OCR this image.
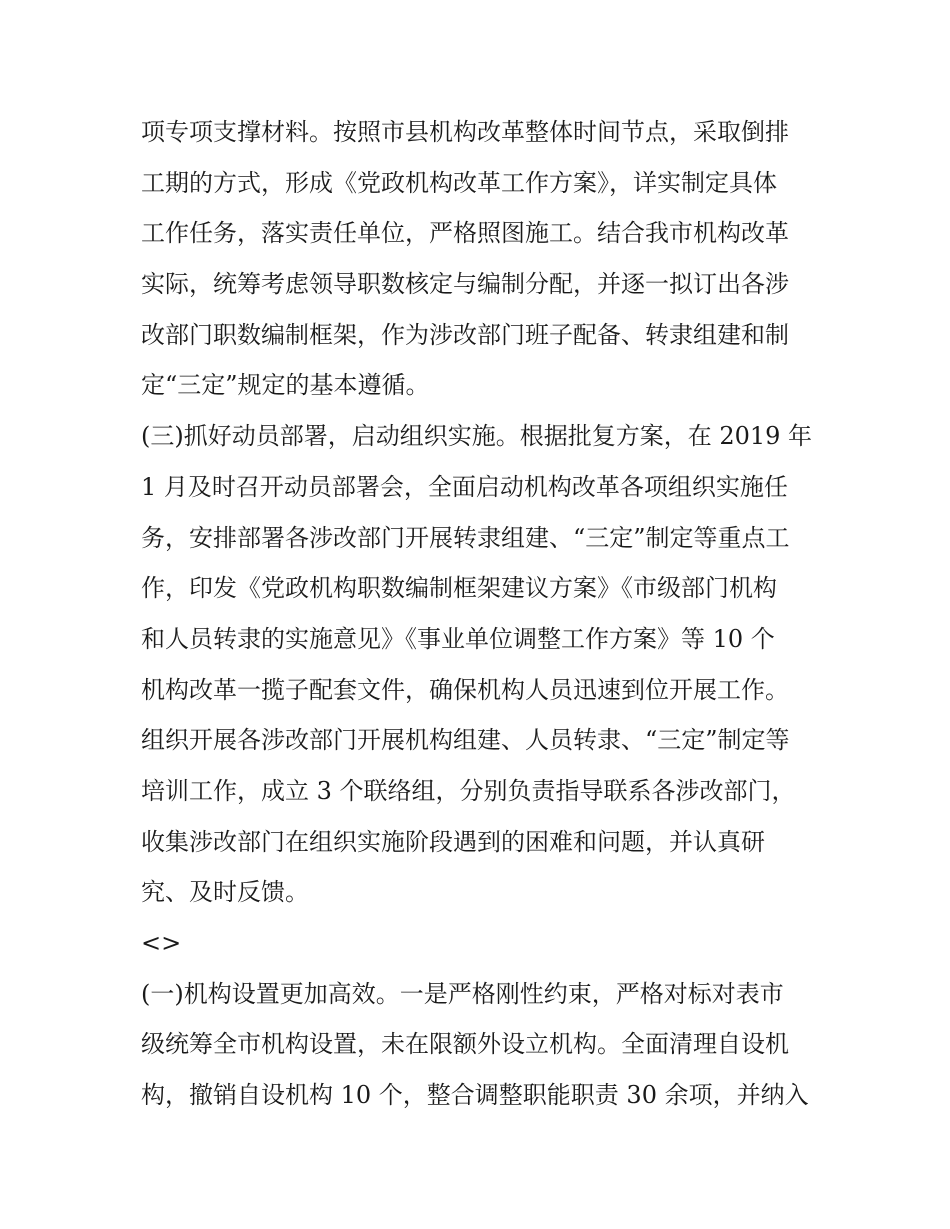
项专项支撑材料。按照市县机构改革整体时间节点，采取倒排
工期的方式，形成《党政机构改革工作方案》，详实制定具体
工作任务，落实责任单位，严格照图施工。结合我市机构改革
实际，统筹考虑领导职数核定与编制分配，并逐一拟订出各涉
改部门职数编制框架，作为涉改部门班子配备、转隶组建和制
定“三定”规定的基本遵循。
(三)抓好动员部署，启动组织实施。根据批复方案，在 2019 年
1 月及时召开动员部署会，全面启动机构改革各项组织实施任
务，安排部署各涉改部门开展转隶组建、“三定”制定等重点工
作，印发《党政机构职数编制框架建议方案》《市级部门机构
和人员转隶的实施意见》《事业单位调整工作方案》等 10 个
机构改革一揽子配套文件，确保机构人员迅速到位开展工作。
组织开展各涉改部门开展机构组建、人员转隶、“三定”制定等
培训工作，成立 3 个联络组，分别负责指导联系各涉改部门，
收集涉改部门在组织实施阶段遇到的困难和问题，并认真研
究、及时反馈。
<>
(一)机构设置更加高效。一是严格刚性约束，严格对标对表市
级统筹全市机构设置，未在限额外设立机构。全面清理自设机
构，撤销自设机构 10 个，整合调整职能职责 30 余项，并纳入
